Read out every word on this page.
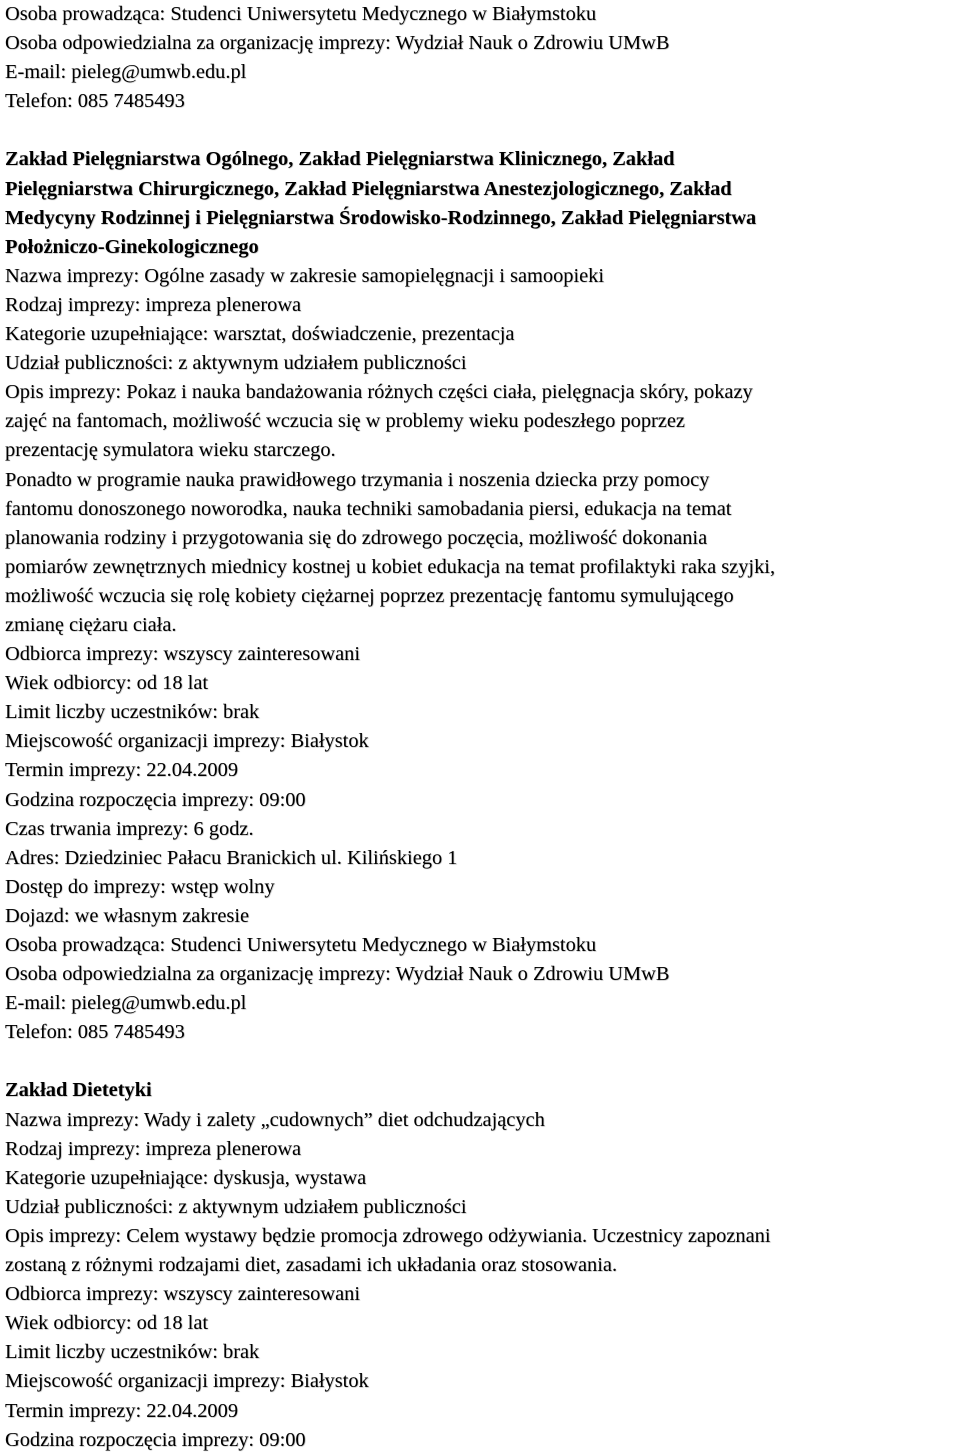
Osoba prowadząca: Studenci Uniwersytetu Medycznego w Białymstoku

Osoba odpowiedzialna za organizację imprezy: Wydział Nauk o Zdrowiu UMwB

E-mail: pieleg@umwb.edu.pl

Telefon: 085 7485493

Zakład Pielęgniarstwa Ogólnego, Zakład Pielęgniarstwa Klinicznego, Zakład
Pielęgniarstwa Chirurgicznego, Zakład Pielęgniarstwa Anestezjologicznego, Zakład
Medycyny Rodzinnej i Pielęgniarstwa Środowisko-Rodzinnego, Zakład Pielęgniarstwa
Położniczo-Ginekologicznego

Nazwa imprezy: Ogólne zasady w zakresie samopielęgnacji i samoopieki

Rodzaj imprezy: impreza plenerowa

Kategorie uzupełniające: warsztat, doświadczenie, prezentacja

Udział publiczności: z aktywnym udziałem publiczności

Opis imprezy: Pokaz i nauka bandażowania różnych części ciała, pielęgnacja skóry, pokazy
zajęć na fantomach, możliwość wczucia się w problemy wieku podeszłego poprzez
prezentację symulatora wieku starczego.
Ponadto w programie nauka prawidłowego trzymania i noszenia dziecka przy pomocy
fantomu donoszonego noworodka, nauka techniki samobadania piersi, edukacja na temat
planowania rodziny i przygotowania się do zdrowego poczęcia, możliwość dokonania
pomiarów zewnętrznych miednicy kostnej u kobiet edukacja na temat profilaktyki raka szyjki,
możliwość wczucia się rolę kobiety ciężarnej poprzez prezentację fantomu symulującego
zmianę ciężaru ciała.

Odbiorca imprezy: wszyscy zainteresowani

Wiek odbiorcy: od 18 lat

Limit liczby uczestników: brak

Miejscowość organizacji imprezy: Białystok

Termin imprezy: 22.04.2009

Godzina rozpoczęcia imprezy: 09:00

Czas trwania imprezy: 6 godz.

Adres: Dziedziniec Pałacu Branickich ul. Kilińskiego 1

Dostęp do imprezy: wstęp wolny

Dojazd: we własnym zakresie

Osoba prowadząca: Studenci Uniwersytetu Medycznego w Białymstoku

Osoba odpowiedzialna za organizację imprezy: Wydział Nauk o Zdrowiu UMwB

E-mail: pieleg@umwb.edu.pl

Telefon: 085 7485493

Zakład Dietetyki

Nazwa imprezy: Wady i zalety „cudownych” diet odchudzających

Rodzaj imprezy: impreza plenerowa

Kategorie uzupełniające: dyskusja, wystawa

Udział publiczności: z aktywnym udziałem publiczności

Opis imprezy: Celem wystawy będzie promocja zdrowego odżywiania. Uczestnicy zapoznani
zostaną z różnymi rodzajami diet, zasadami ich układania oraz stosowania.

Odbiorca imprezy: wszyscy zainteresowani

Wiek odbiorcy: od 18 lat

Limit liczby uczestników: brak

Miejscowość organizacji imprezy: Białystok

Termin imprezy: 22.04.2009

Godzina rozpoczęcia imprezy: 09:00
